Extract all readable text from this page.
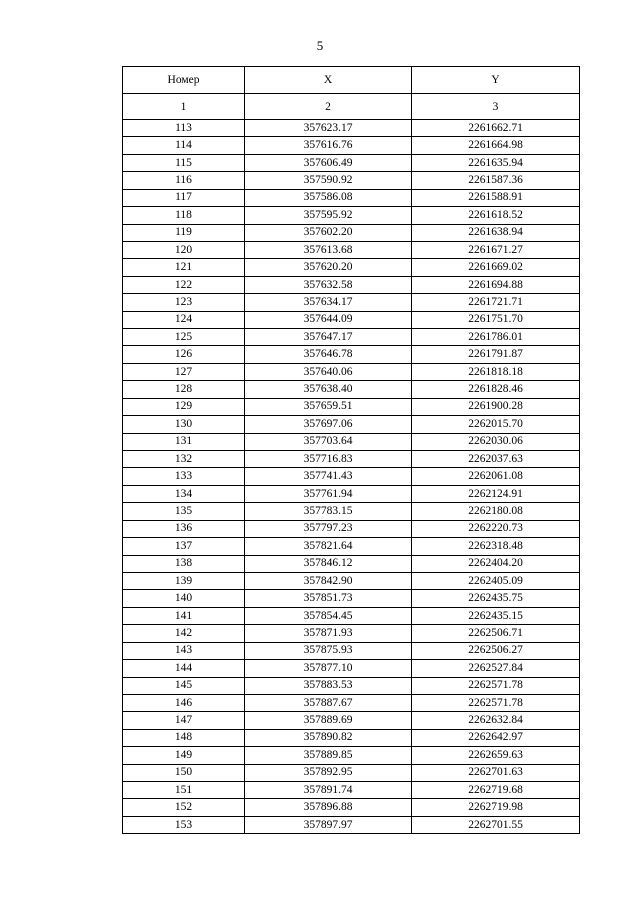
5
Номер	X	Y
1	2	3
113	357623.17	2261662.71
114	357616.76	2261664.98
115	357606.49	2261635.94
116	357590.92	2261587.36
117	357586.08	2261588.91
118	357595.92	2261618.52
119	357602.20	2261638.94
120	357613.68	2261671.27
121	357620.20	2261669.02
122	357632.58	2261694.88
123	357634.17	2261721.71
124	357644.09	2261751.70
125	357647.17	2261786.01
126	357646.78	2261791.87
127	357640.06	2261818.18
128	357638.40	2261828.46
129	357659.51	2261900.28
130	357697.06	2262015.70
131	357703.64	2262030.06
132	357716.83	2262037.63
133	357741.43	2262061.08
134	357761.94	2262124.91
135	357783.15	2262180.08
136	357797.23	2262220.73
137	357821.64	2262318.48
138	357846.12	2262404.20
139	357842.90	2262405.09
140	357851.73	2262435.75
141	357854.45	2262435.15
142	357871.93	2262506.71
143	357875.93	2262506.27
144	357877.10	2262527.84
145	357883.53	2262571.78
146	357887.67	2262571.78
147	357889.69	2262632.84
148	357890.82	2262642.97
149	357889.85	2262659.63
150	357892.95	2262701.63
151	357891.74	2262719.68
152	357896.88	2262719.98
153	357897.97	2262701.55
